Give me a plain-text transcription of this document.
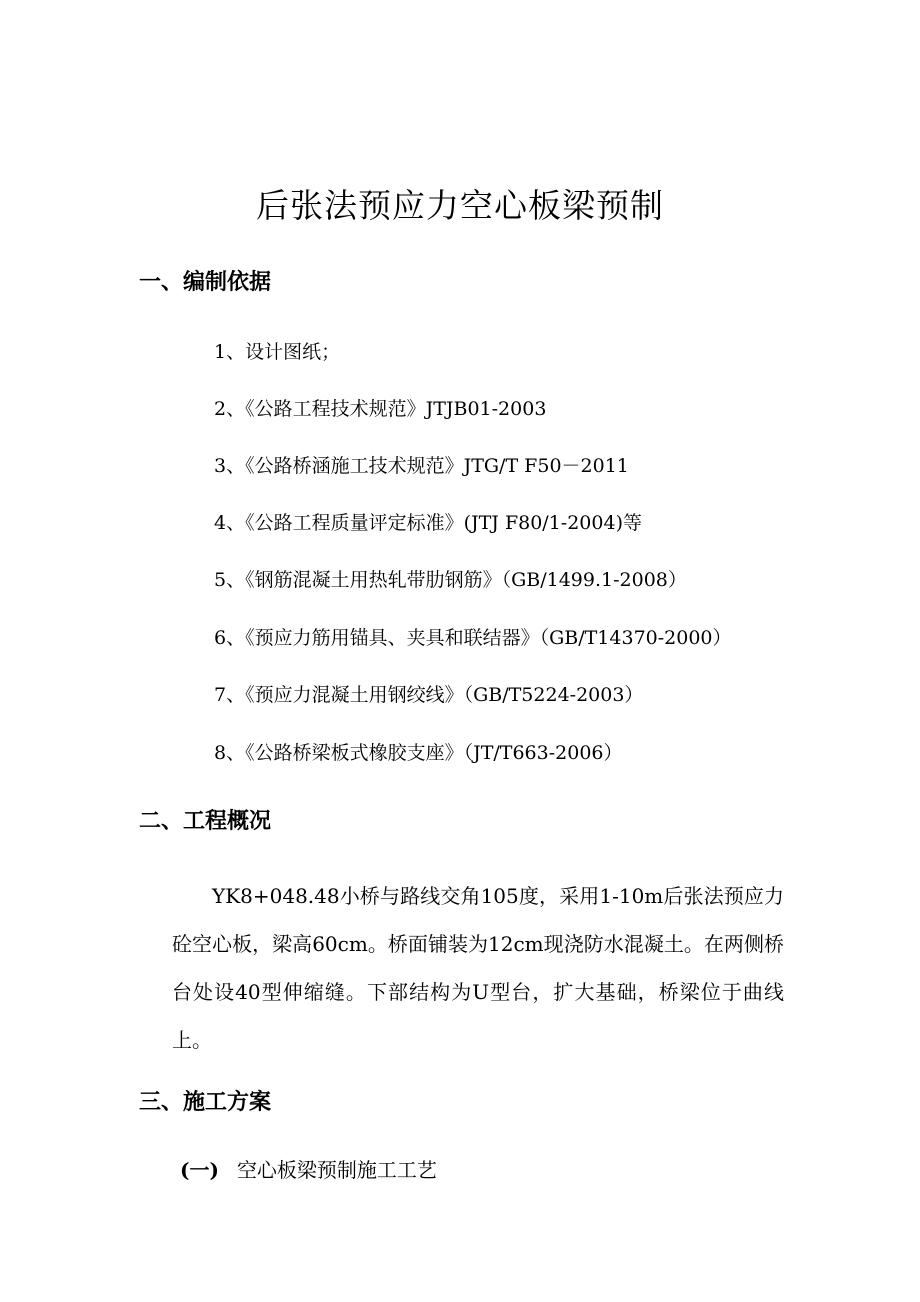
后张法预应力空心板梁预制
一、编制依据
1、设计图纸；
2、《公路工程技术规范》JTJB01-2003
3、《公路桥涵施工技术规范》JTG/T F50－2011
4、《公路工程质量评定标准》(JTJ F80/1-2004)等
5、《钢筋混凝土用热轧带肋钢筋》（GB/1499.1-2008）
6、《预应力筋用锚具、夹具和联结器》（GB/T14370-2000）
7、《预应力混凝土用钢绞线》（GB/T5224-2003）
8、《公路桥梁板式橡胶支座》（JT/T663-2006）
二、工程概况
YK8+048.48小桥与路线交角105度，采用1-10m后张法预应力砼空心板，梁高60cm。桥面铺装为12cm现浇防水混凝土。在两侧桥台处设40型伸缩缝。下部结构为U型台，扩大基础，桥梁位于曲线上。
三、施工方案
(一) 空心板梁预制施工工艺
